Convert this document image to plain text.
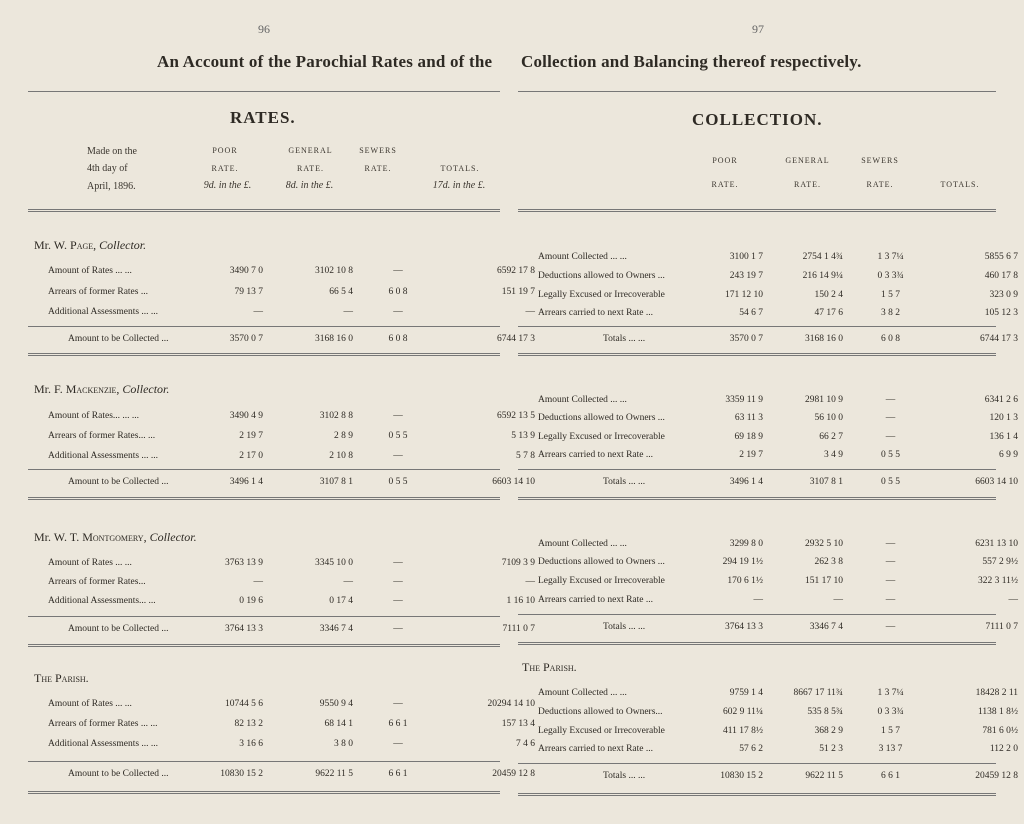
96	97
An Account of the Parochial Rates and of the Collection and Balancing thereof respectively.
RATES.
Made on the
4th day of
April, 1896.
POOR
RATE.
9d. in the £.
GENERAL
RATE.
8d. in the £.
SEWERS
RATE.	TOTALS.
17d. in the £.
Mr. W. Page, Collector.
Amount of Rates ... ...	3490 7 0	3102 10 8	—	6592 17 8
Arrears of former Rates ...	79 13 7	66 5 4	6 0 8	151 19 7
Additional Assessments ... ...	—	—	—	—
Amount to be Collected ...	3570 0 7	3168 16 0	6 0 8	6744 17 3
Mr. F. Mackenzie, Collector.
Amount of Rates... ... ...	3490 4 9	3102 8 8	—	6592 13 5
Arrears of former Rates... ...	2 19 7	2 8 9	0 5 5	5 13 9
Additional Assessments ... ...	2 17 0	2 10 8	—	5 7 8
Amount to be Collected ...	3496 1 4	3107 8 1	0 5 5	6603 14 10
Mr. W. T. Montgomery, Collector.
Amount of Rates ... ...	3763 13 9	3345 10 0	—	7109 3 9
Arrears of former Rates...	—	—	—	—
Additional Assessments... ...	0 19 6	0 17 4	—	1 16 10
Amount to be Collected ...	3764 13 3	3346 7 4	—	7111 0 7
The Parish.
Amount of Rates ... ...	10744 5 6	9550 9 4	—	20294 14 10
Arrears of former Rates ... ...	82 13 2	68 14 1	6 6 1	157 13 4
Additional Assessments ... ...	3 16 6	3 8 0	—	7 4 6
Amount to be Collected ...	10830 15 2	9622 11 5	6 6 1	20459 12 8
COLLECTION.
POOR
RATE.
GENERAL
RATE.
SEWERS
RATE.	TOTALS.
Amount Collected ... ...	3100 1 7	2754 1 4¾	1 3 7¼	5855 6 7
Deductions allowed to Owners ...	243 19 7	216 14 9¼	0 3 3¾	460 17 8
Legally Excused or Irrecoverable	171 12 10	150 2 4	1 5 7	323 0 9
Arrears carried to next Rate ...	54 6 7	47 17 6	3 8 2	105 12 3
Totals ... ...	3570 0 7	3168 16 0	6 0 8	6744 17 3
Amount Collected ... ...	3359 11 9	2981 10 9	—	6341 2 6
Deductions allowed to Owners ...	63 11 3	56 10 0	—	120 1 3
Legally Excused or Irrecoverable	69 18 9	66 2 7	—	136 1 4
Arrears carried to next Rate ...	2 19 7	3 4 9	0 5 5	6 9 9
Totals ... ...	3496 1 4	3107 8 1	0 5 5	6603 14 10
Amount Collected ... ...	3299 8 0	2932 5 10	—	6231 13 10
Deductions allowed to Owners ...	294 19 1½	262 3 8	—	557 2 9½
Legally Excused or Irrecoverable	170 6 1½	151 17 10	—	322 3 11½
Arrears carried to next Rate ...	—	—	—	—
Totals ... ...	3764 13 3	3346 7 4	—	7111 0 7
The Parish.
Amount Collected ... ...	9759 1 4	8667 17 11¾	1 3 7¼	18428 2 11
Deductions allowed to Owners...	602 9 11¼	535 8 5¾	0 3 3¾	1138 1 8½
Legally Excused or Irrecoverable	411 17 8½	368 2 9	1 5 7	781 6 0½
Arrears carried to next Rate ...	57 6 2	51 2 3	3 13 7	112 2 0
Totals ... ...	10830 15 2	9622 11 5	6 6 1	20459 12 8
